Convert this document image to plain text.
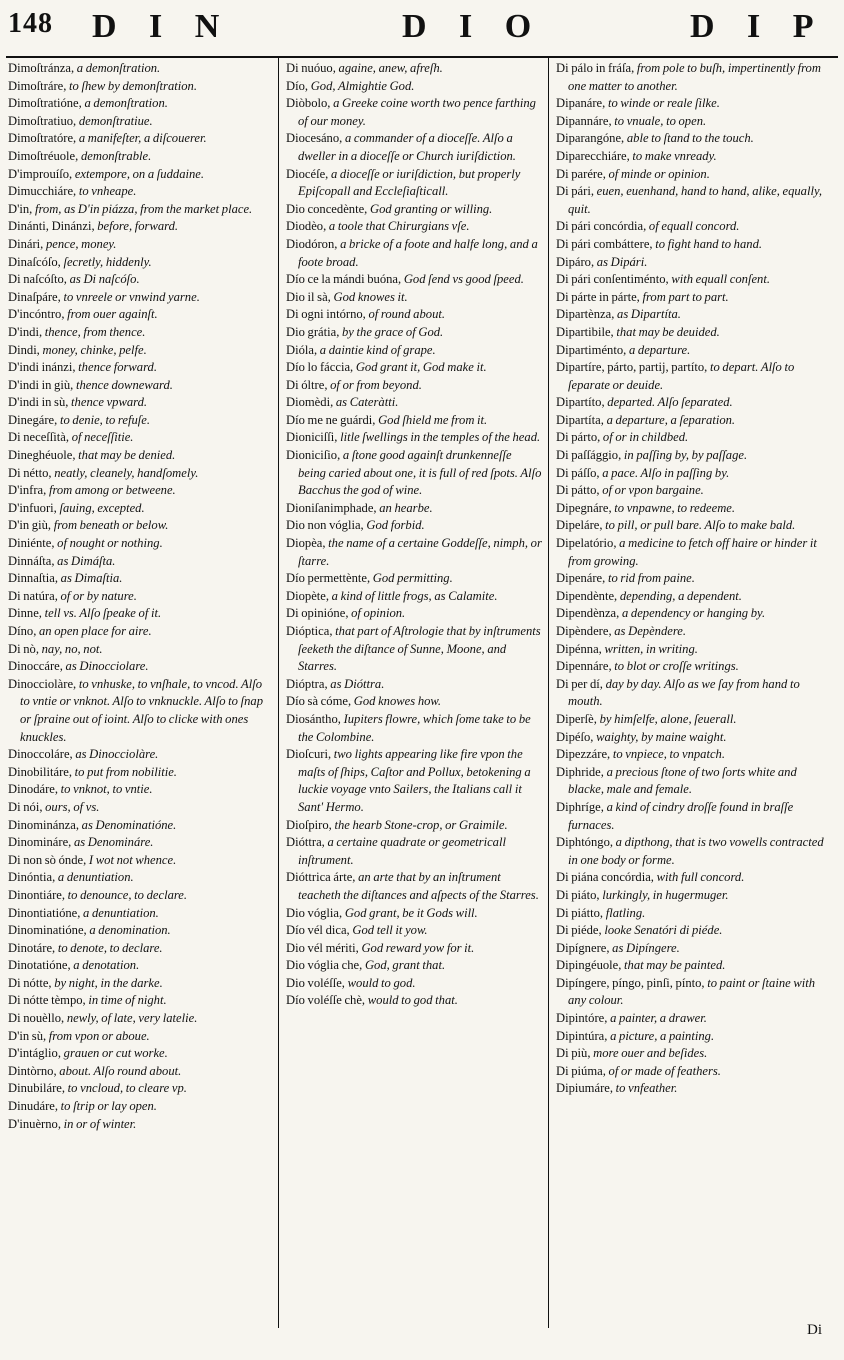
148 D I N	D I O	D I P
Dimoſtránza, a demonſtration.
Dimoſtráre, to ſhew by demonſtration.
Dimoſtratióne, a demonſtration.
Dimoſtratiuo, demonſtratiue.
Dimoſtratóre, a manifeſter, a diſcouerer.
Dimoſtréuole, demonſtrable.
D'improuíſo, extempore, on a ſuddaine.
Dimucchiáre, to vnheape.
D'in, from, as D'in piázza, from the market place.
Dinánti, Dinánzi, before, forward.
Dinári, pence, money.
Dinaſcóſo, ſecretly, hiddenly.
Di naſcóſto, as Di naſcóſo.
Dinaſpáre, to vnreele or vnwind yarne.
D'incóntro, from ouer againſt.
D'indi, thence, from thence.
Dindi, money, chinke, pelfe.
D'indi inánzi, thence forward.
D'indi in giù, thence downeward.
D'indi in sù, thence vpward.
Dinegáre, to denie, to refuſe.
Di neceſſità, of neceſſitie.
Dineghéuole, that may be denied.
Di nétto, neatly, cleanely, handſomely.
D'infra, from among or betweene.
D'infuori, ſauing, excepted.
D'in giù, from beneath or below.
Diniénte, of nought or nothing.
Dinnáſta, as Dimáſta.
Dinnaſtia, as Dimaſtia.
Di natúra, of or by nature.
Dinne, tell vs. Alſo ſpeake of it.
Díno, an open place for aire.
Di nò, nay, no, not.
Dinoccáre, as Dinocciolare.
Dinocciolàre, to vnhuske, to vnſhale, to vncod. Alſo to vntie or vnknot. Alſo to vnknuckle. Alſo to ſnap or ſpraine out of ioint. Alſo to clicke with ones knuckles.
Dinoccoláre, as Dinocciolàre.
Dinobilitáre, to put from nobilitie.
Dinodáre, to vnknot, to vntie.
Di nói, ours, of vs.
Dinominánza, as Denominatióne.
Dinomináre, as Denomináre.
Di non sò ónde, I wot not whence.
Dinóntia, a denuntiation.
Dinontiáre, to denounce, to declare.
Dinontiatióne, a denuntiation.
Dinominatióne, a denomination.
Dinotáre, to denote, to declare.
Dinotatióne, a denotation.
Di nótte, by night, in the darke.
Di nótte tèmpo, in time of night.
Di nouèllo, newly, of late, very latelie.
D'in sù, from vpon or aboue.
D'intáglio, grauen or cut worke.
Dintòrno, about. Alſo round about.
Dinubiláre, to vncloud, to cleare vp.
Dinudáre, to ſtrip or lay open.
D'inuèrno, in or of winter.
Di nuóuo, againe, anew, afreſh.
Dío, God, Almightie God.
Diòbolo, a Greeke coine worth two pence farthing of our money.
Diocesáno, a commander of a dioceſſe. Alſo a dweller in a dioceſſe or Church iuriſdiction.
Diocéſe, a dioceſſe or iuriſdiction, but properly Epiſcopall and Eccleſiaſticall.
Dio concedènte, God granting or willing.
Diodèo, a toole that Chirurgians vſe.
Diodóron, a bricke of a foote and halfe long, and a foote broad.
Dío ce la mándi buóna, God ſend vs good ſpeed.
Dio il sà, God knowes it.
Di ogni intórno, of round about.
Dio grátia, by the grace of God.
Dióla, a daintie kind of grape.
Dío lo fáccia, God grant it, God make it.
Di óltre, of or from beyond.
Diomèdi, as Cateràtti.
Dío me ne guárdi, God ſhield me from it.
Dioniciſſi, litle ſwellings in the temples of the head.
Dioniciſio, a ſtone good againſt drunkenneſſe being caried about one, it is full of red ſpots. Alſo Bacchus the god of wine.
Dioniſanimphade, an hearbe.
Dio non vóglia, God forbid.
Diopèa, the name of a certaine Goddeſſe, nimph, or ſtarre.
Dío permettènte, God permitting.
Diopète, a kind of little frogs, as Calamite.
Di opinióne, of opinion.
Dióptica, that part of Aſtrologie that by inſtruments ſeeketh the diſtance of Sunne, Moone, and Starres.
Dióptra, as Dióttra.
Dío sà cóme, God knowes how.
Diosántho, Iupiters flowre, which ſome take to be the Colombine.
Dioſcuri, two lights appearing like fire vpon the maſts of ſhips, Caſtor and Pollux, betokening a luckie voyage vnto Sailers, the Italians call it Sant' Hermo.
Dioſpiro, the hearb Stone-crop, or Graimile.
Dióttra, a certaine quadrate or geometricall inſtrument.
Dióttrica árte, an arte that by an inſtrument teacheth the diſtances and aſpects of the Starres.
Dio vóglia, God grant, be it Gods will.
Dío vél dica, God tell it yow.
Dio vél mériti, God reward yow for it.
Dio vóglia che, God, grant that.
Dio voléſſe, would to god.
Dío voléſſe chè, would to god that.
Di pálo in fráſa, from pole to buſh, impertinently from one matter to another.
Dipanáre, to winde or reale ſilke.
Dipannáre, to vnuale, to open.
Diparangóne, able to ſtand to the touch.
Diparecchiáre, to make vnready.
Di parére, of minde or opinion.
Di pári, euen, euenhand, hand to hand, alike, equally, quit.
Di pári concórdia, of equall concord.
Di pári combáttere, to fight hand to hand.
Dipáro, as Dipári.
Di pári conſentiménto, with equall conſent.
Di párte in párte, from part to part.
Dipartènza, as Dipartíta.
Dipartibile, that may be deuided.
Dipartiménto, a departure.
Dipartíre, párto, partij, partíto, to depart. Alſo to ſeparate or deuide.
Dipartíto, departed. Alſo ſeparated.
Dipartíta, a departure, a ſeparation.
Di párto, of or in childbed.
Di paſſággio, in paſſing by, by paſſage.
Di páſſo, a pace. Alſo in paſſing by.
Di pátto, of or vpon bargaine.
Dipegnáre, to vnpawne, to redeeme.
Dipeláre, to pill, or pull bare. Alſo to make bald.
Dipelatório, a medicine to fetch off haire or hinder it from growing.
Dipenáre, to rid from paine.
Dipendènte, depending, a dependent.
Dipendènza, a dependency or hanging by.
Dipèndere, as Depèndere.
Dipénna, written, in writing.
Dipennáre, to blot or croſſe writings.
Di per dí, day by day. Alſo as we ſay from hand to mouth.
Diperſè, by himſelfe, alone, ſeuerall.
Dipéſo, waighty, by maine waight.
Dipezzáre, to vnpiece, to vnpatch.
Diphride, a precious ſtone of two ſorts white and blacke, male and female.
Diphríge, a kind of cindry droſſe found in braſſe furnaces.
Diphtóngo, a dipthong, that is two vowells contracted in one body or forme.
Di piána concórdia, with full concord.
Di piáto, lurkingly, in hugermuger.
Di piátto, flatling.
Di piéde, looke Senatóri di piéde.
Dipígnere, as Dipíngere.
Dipingéuole, that may be painted.
Dipíngere, píngo, pinſi, pínto, to paint or ſtaine with any colour.
Dipintóre, a painter, a drawer.
Dipintúra, a picture, a painting.
Di più, more ouer and beſides.
Di piúma, of or made of feathers.
Dipiumáre, to vnfeather.
Di
